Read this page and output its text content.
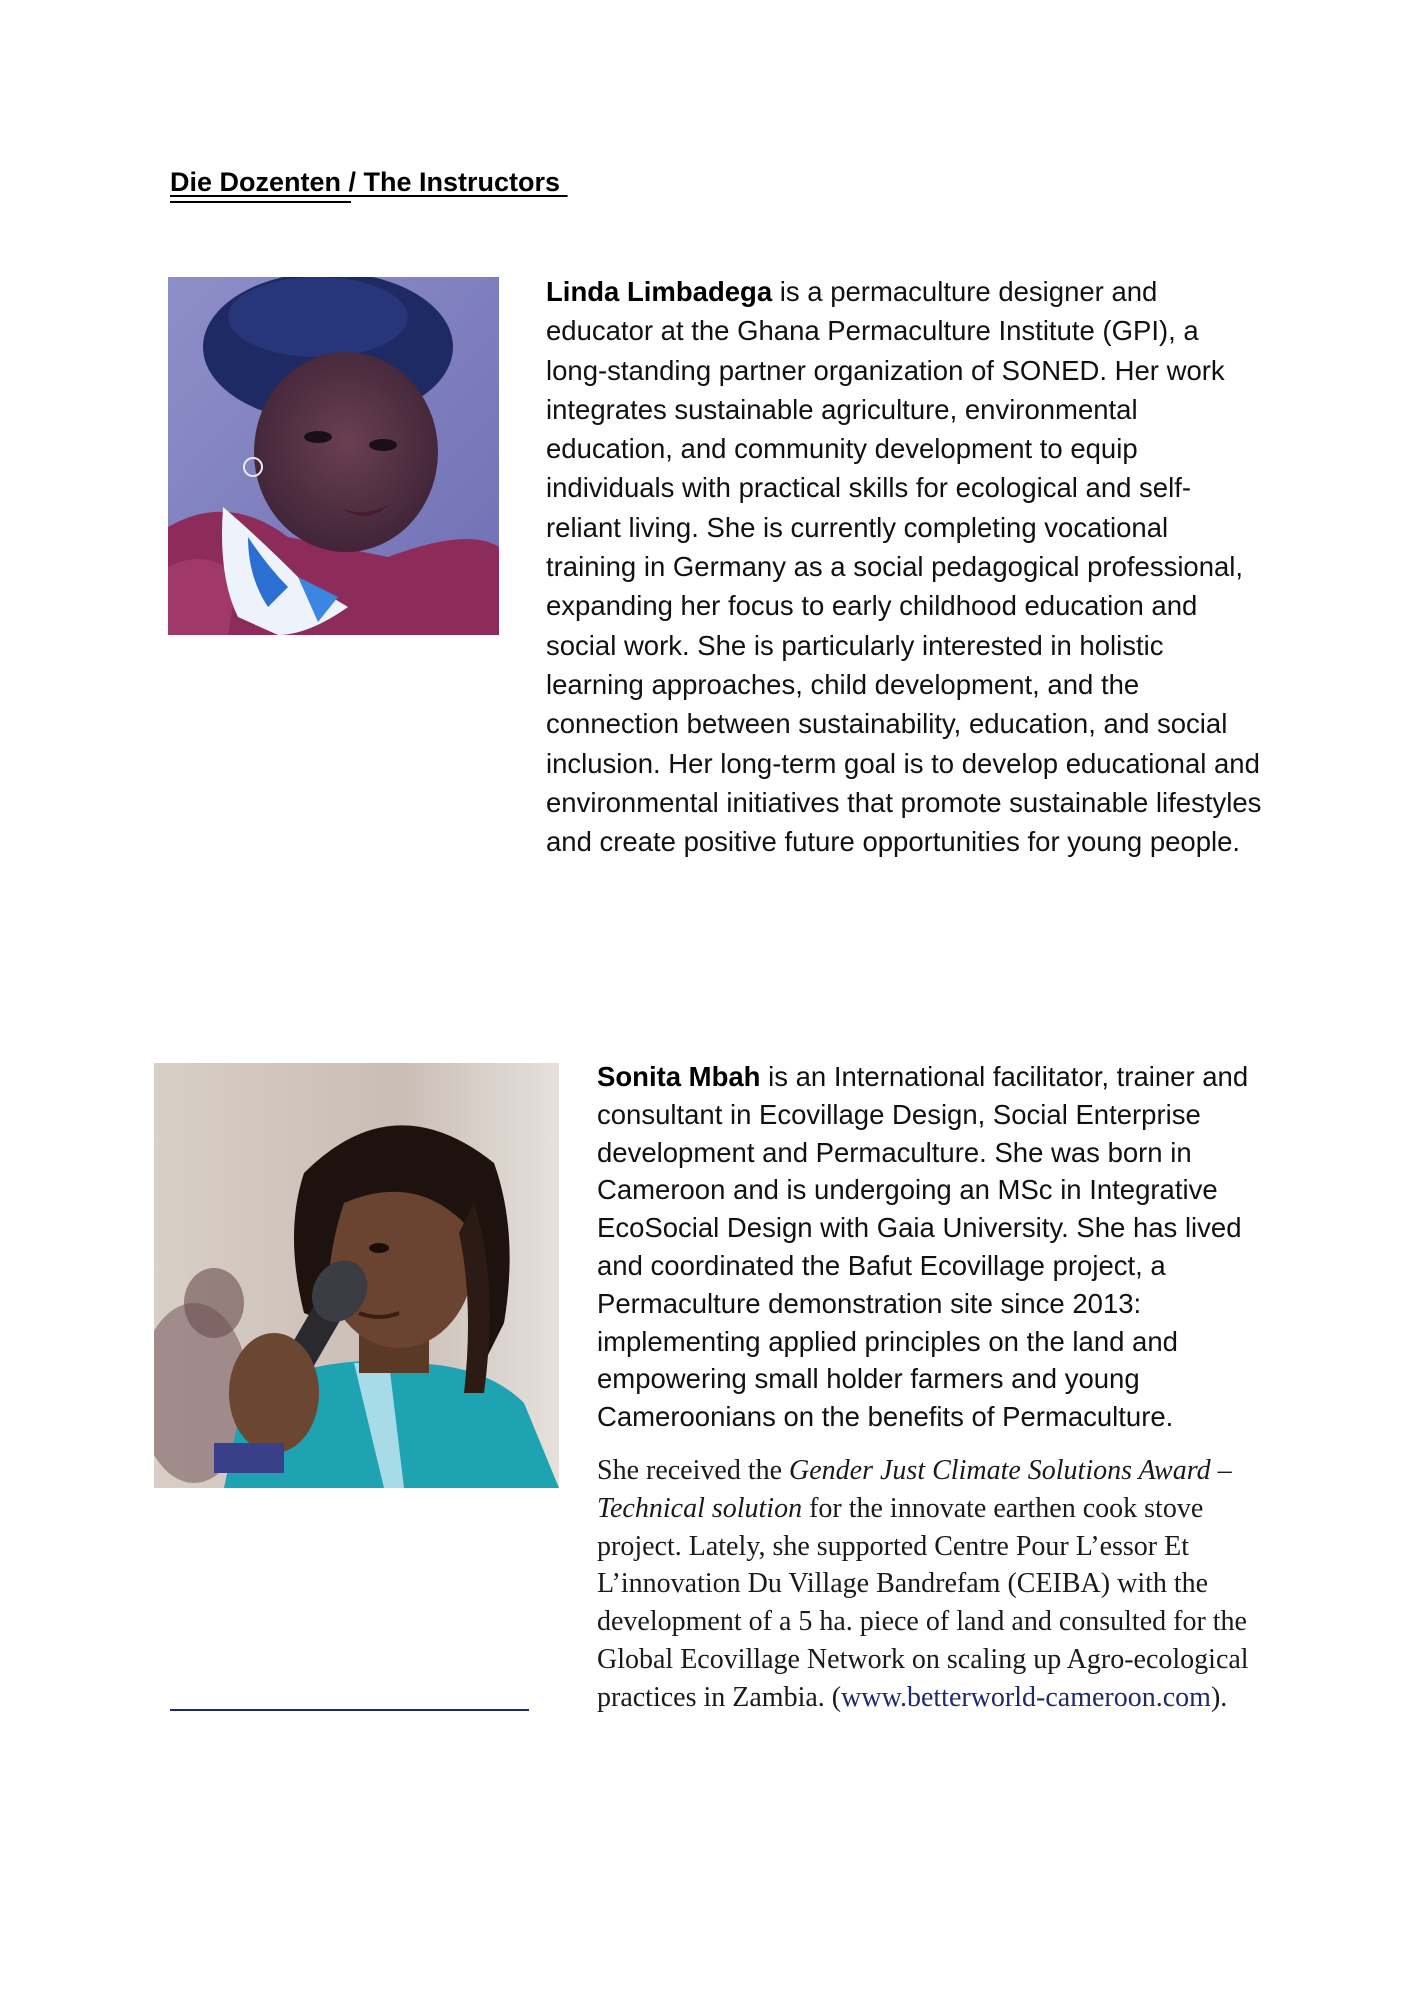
Die Dozenten / The Instructors

Linda Limbadega is a permaculture designer and educator at the Ghana Permaculture Institute (GPI), a long-standing partner organization of SONED. Her work integrates sustainable agriculture, environmental education, and community development to equip individuals with practical skills for ecological and self-reliant living. She is currently completing vocational training in Germany as a social pedagogical professional, expanding her focus to early childhood education and social work. She is particularly interested in holistic learning approaches, child development, and the connection between sustainability, education, and social inclusion. Her long-term goal is to develop educational and environmental initiatives that promote sustainable lifestyles and create positive future opportunities for young people.

Sonita Mbah is an International facilitator, trainer and consultant in Ecovillage Design, Social Enterprise development and Permaculture. She was born in Cameroon and is undergoing an MSc in Integrative EcoSocial Design with Gaia University. She has lived and coordinated the Bafut Ecovillage project, a Permaculture demonstration site since 2013: implementing applied principles on the land and empowering small holder farmers and young Cameroonians on the benefits of Permaculture.

She received the Gender Just Climate Solutions Award – Technical solution for the innovate earthen cook stove project. Lately, she supported Centre Pour L’essor Et L’innovation Du Village Bandrefam (CEIBA) with the development of a 5 ha. piece of land and consulted for the Global Ecovillage Network on scaling up Agro-ecological practices in Zambia. (www.betterworld-cameroon.com).
